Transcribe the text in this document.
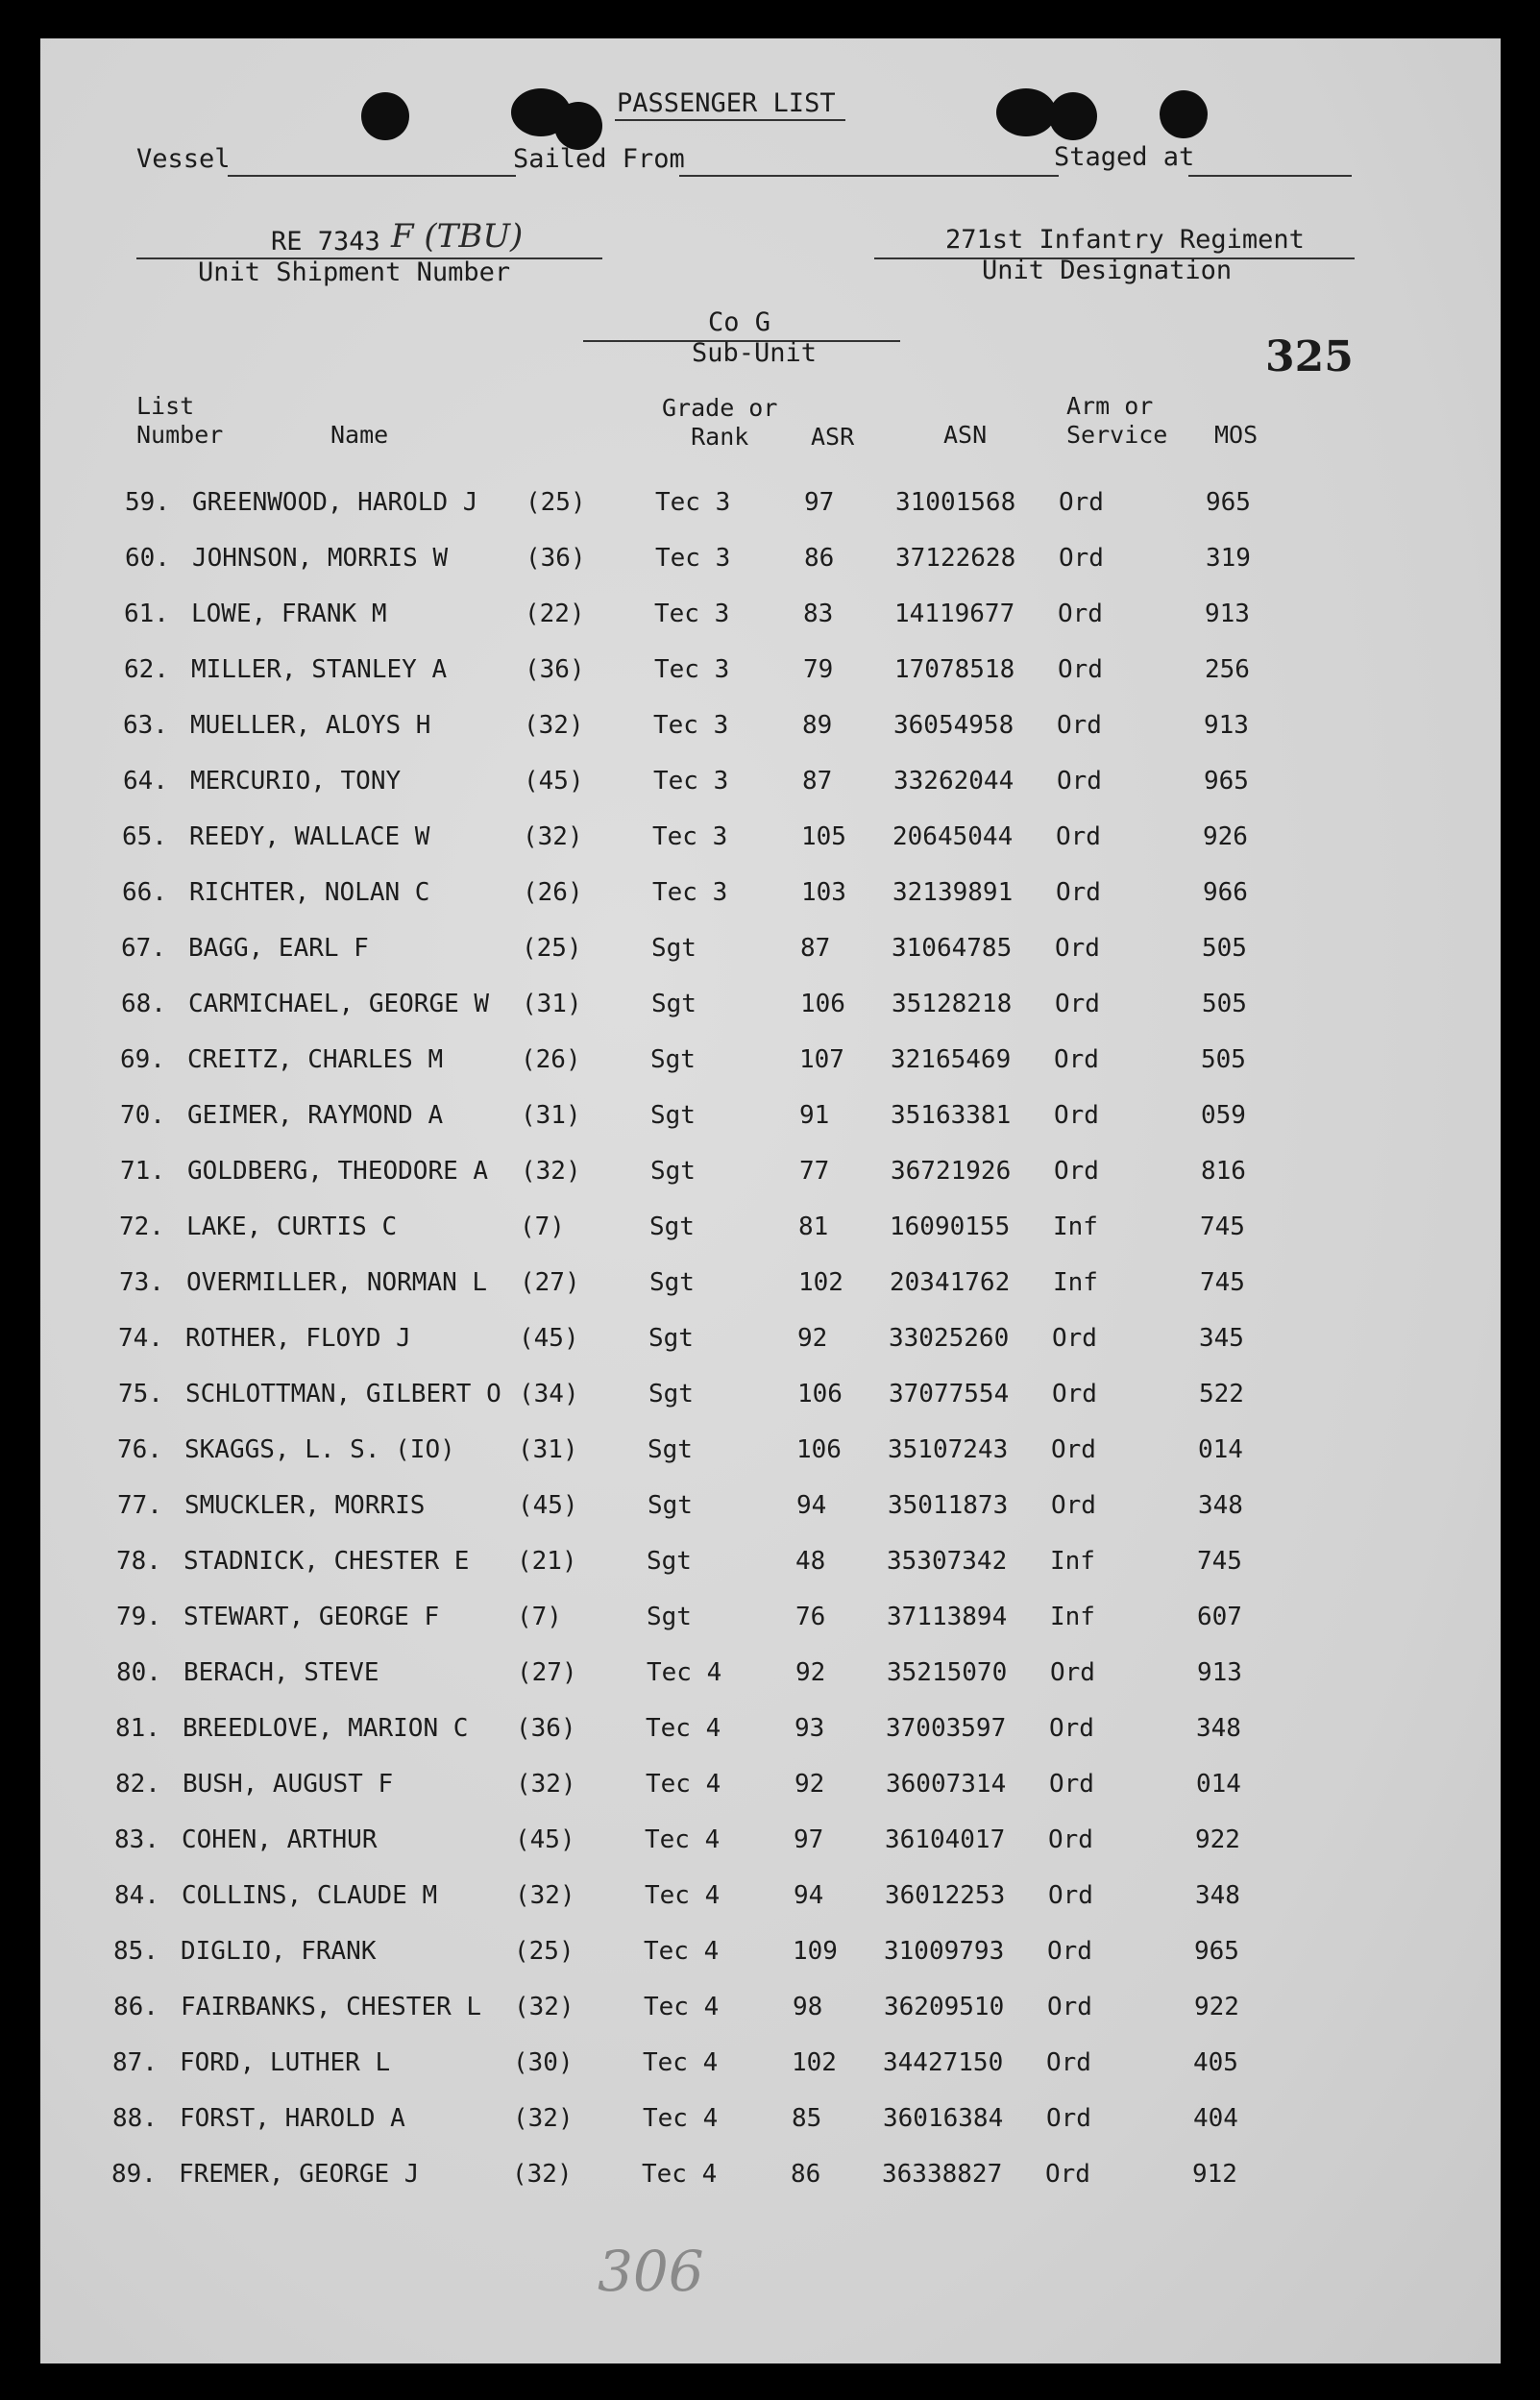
PASSENGER LIST
Vessel	Sailed From	Staged at
RE 7343 F (TBU)
Unit Shipment Number
271st Infantry Regiment
Unit Designation
Co G
Sub-Unit	325
List
Number	Name
Grade or
Rank	ASR	ASN
Arm or
Service MOS
59. GREENWOOD, HAROLD J (25)	Tec 3	97 31001568 Ord	965
60. JOHNSON, MORRIS W	(36)	Tec 3	86 37122628 Ord	319
61. LOWE, FRANK M	(22)	Tec 3	83 14119677 Ord	913
62. MILLER, STANLEY A	(36)	Tec 3	79 17078518 Ord	256
63. MUELLER, ALOYS H	(32)	Tec 3	89 36054958 Ord	913
64. MERCURIO, TONY	(45)	Tec 3	87 33262044 Ord	965
65. REEDY, WALLACE W	(32)	Tec 3	105 20645044 Ord	926
66. RICHTER, NOLAN C	(26)	Tec 3	103 32139891 Ord	966
67. BAGG, EARL F	(25)	Sgt	87 31064785 Ord	505
68. CARMICHAEL, GEORGE W (31)	Sgt	106 35128218 Ord	505
69. CREITZ, CHARLES M	(26)	Sgt	107 32165469 Ord	505
70. GEIMER, RAYMOND A	(31)	Sgt	91 35163381 Ord	059
71. GOLDBERG, THEODORE A (32)	Sgt	77 36721926 Ord	816
72. LAKE, CURTIS C	(7)	Sgt	81 16090155 Inf	745
73. OVERMILLER, NORMAN L (27)	Sgt	102 20341762 Inf	745
74. ROTHER, FLOYD J	(45)	Sgt	92 33025260 Ord	345
75. SCHLOTTMAN, GILBERT O (34)	Sgt	106 37077554 Ord	522
76. SKAGGS, L. S. (IO)	(31)	Sgt	106 35107243 Ord	014
77. SMUCKLER, MORRIS	(45)	Sgt	94 35011873 Ord	348
78. STADNICK, CHESTER E (21)	Sgt	48 35307342 Inf	745
79. STEWART, GEORGE F	(7)	Sgt	76 37113894 Inf	607
80. BERACH, STEVE	(27)	Tec 4	92 35215070 Ord	913
81. BREEDLOVE, MARION C (36)	Tec 4	93 37003597 Ord	348
82. BUSH, AUGUST F	(32)	Tec 4	92 36007314 Ord	014
83. COHEN, ARTHUR	(45)	Tec 4	97 36104017 Ord	922
84. COLLINS, CLAUDE M	(32)	Tec 4	94 36012253 Ord	348
85. DIGLIO, FRANK	(25)	Tec 4	109 31009793 Ord	965
86. FAIRBANKS, CHESTER L (32)	Tec 4	98 36209510 Ord	922
87. FORD, LUTHER L	(30)	Tec 4	102 34427150 Ord	405
88. FORST, HAROLD A	(32)	Tec 4	85 36016384 Ord	404
89. FREMER, GEORGE J	(32)	Tec 4	86 36338827 Ord	912
306
